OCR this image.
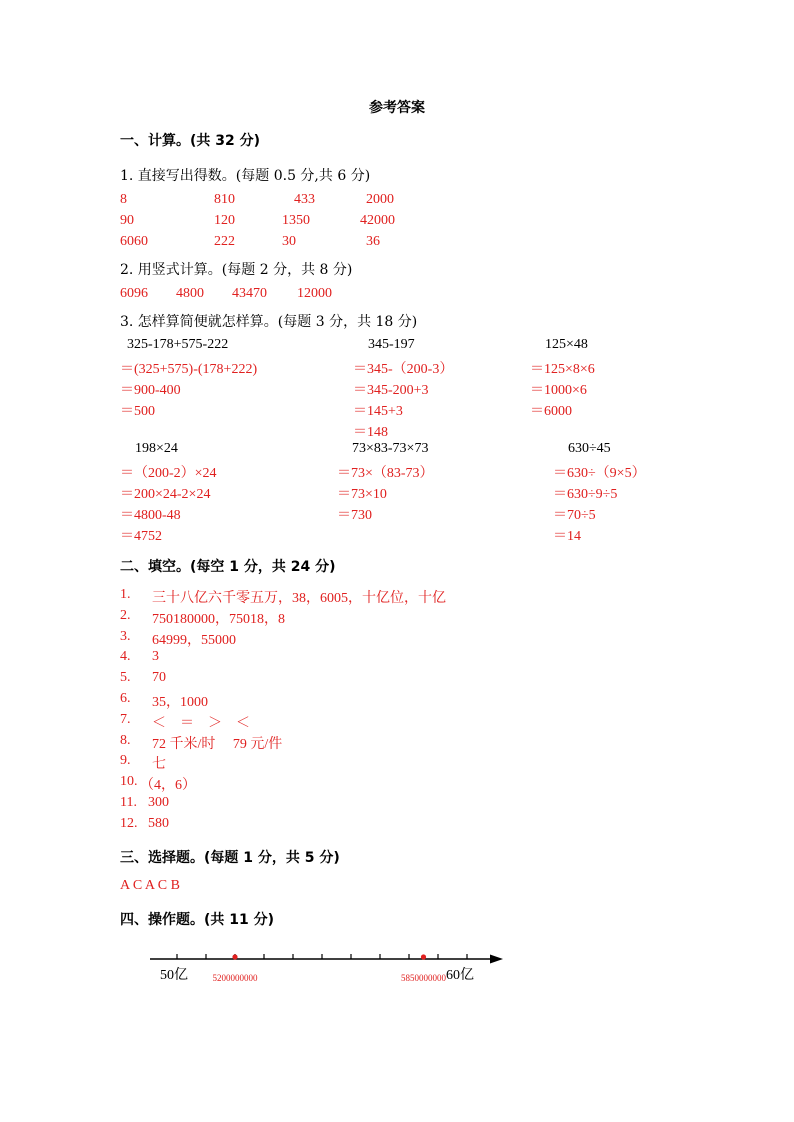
参考答案
一、计算。(共 32 分)
1. 直接写出得数。(每题 0.5 分,共 6 分)
8	810	433	2000
90	120	1350	42000
6060	222	30	36
2. 用竖式计算。(每题 2 分，共 8 分)
6096 4800 43470 12000
3. 怎样算简便就怎样算。(每题 3 分，共 18 分)
325-178+575-222
＝(325+575)-(178+222)
＝900-400
＝500
345-197
＝345-（200-3）
＝345-200+3
＝145+3
＝148
125×48
＝125×8×6
＝1000×6
＝6000
198×24
＝（200-2）×24
＝200×24-2×24
＝4800-48
＝4752
73×83-73×73
＝73×（83-73）
＝73×10
＝730
630÷45
＝630÷（9×5）
＝630÷9÷5
＝70÷5
＝14
二、填空。(每空 1 分，共 24 分)
1. 三十八亿六千零五万，38，6005，十亿位，十亿
2. 750180000，75018，8
3. 64999，55000
4. 3
5. 70
6. 35，1000
7. ＜　＝　＞　＜
8. 72 千米/时　 79 元/件
9. 七
10. （4，6）
11. 300
12. 580
三、选择题。(每题 1 分，共 5 分)
A C A C B
四、操作题。(共 11 分)
5200000000	5850000000
50亿	60亿
